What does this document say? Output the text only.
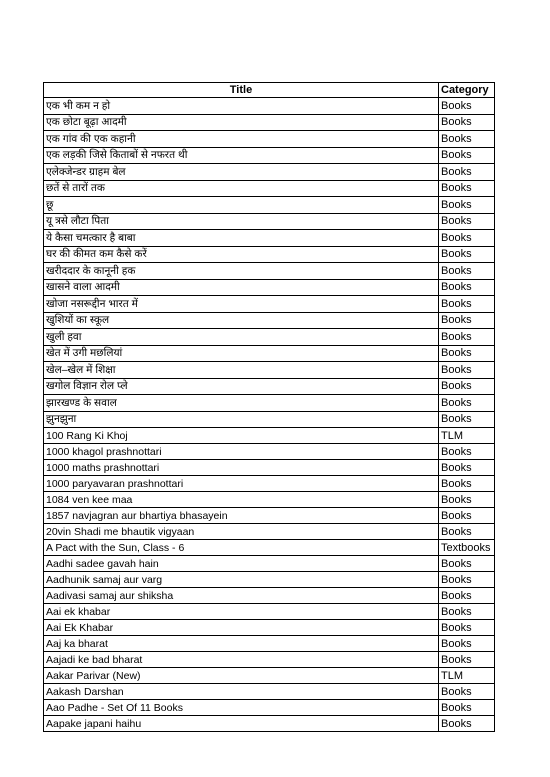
Title	Category
एक भी कम न हो	Books
एक छोटा बूढ़ा आदमी	Books
एक गांव की एक कहानी	Books
एक लड़की जिसे किताबों से नफरत थी	Books
एलेक्जेन्डर ग्राहम बेल	Books
छतें से तारों तक	Books
छू	Books
यू त्रसे लौटा पिता	Books
ये कैसा चमत्कार है बाबा	Books
घर की कीमत कम कैसे करें	Books
खरीददार के कानूनी हक	Books
खासने वाला आदमी	Books
खोजा नसरूद्दीन भारत में	Books
खुशियों का स्कूल	Books
खुली हवा	Books
खेत में उगी मछलियां	Books
खेल–खेल में शिक्षा	Books
खगोल विज्ञान रोल प्ले	Books
झारखण्ड के सवाल	Books
झुनझुना	Books
100 Rang Ki Khoj	TLM
1000 khagol prashnottari	Books
1000 maths prashnottari	Books
1000 paryavaran prashnottari	Books
1084 ven kee maa	Books
1857 navjagran aur bhartiya bhasayein	Books
20vin Shadi me bhautik vigyaan	Books
A Pact with the Sun, Class - 6	Textbooks
Aadhi sadee gavah hain	Books
Aadhunik samaj aur varg	Books
Aadivasi samaj aur shiksha	Books
Aai ek khabar	Books
Aai Ek Khabar	Books
Aaj ka bharat	Books
Aajadi ke bad bharat	Books
Aakar Parivar (New)	TLM
Aakash Darshan	Books
Aao Padhe - Set Of 11 Books	Books
Aapake japani haihu	Books
